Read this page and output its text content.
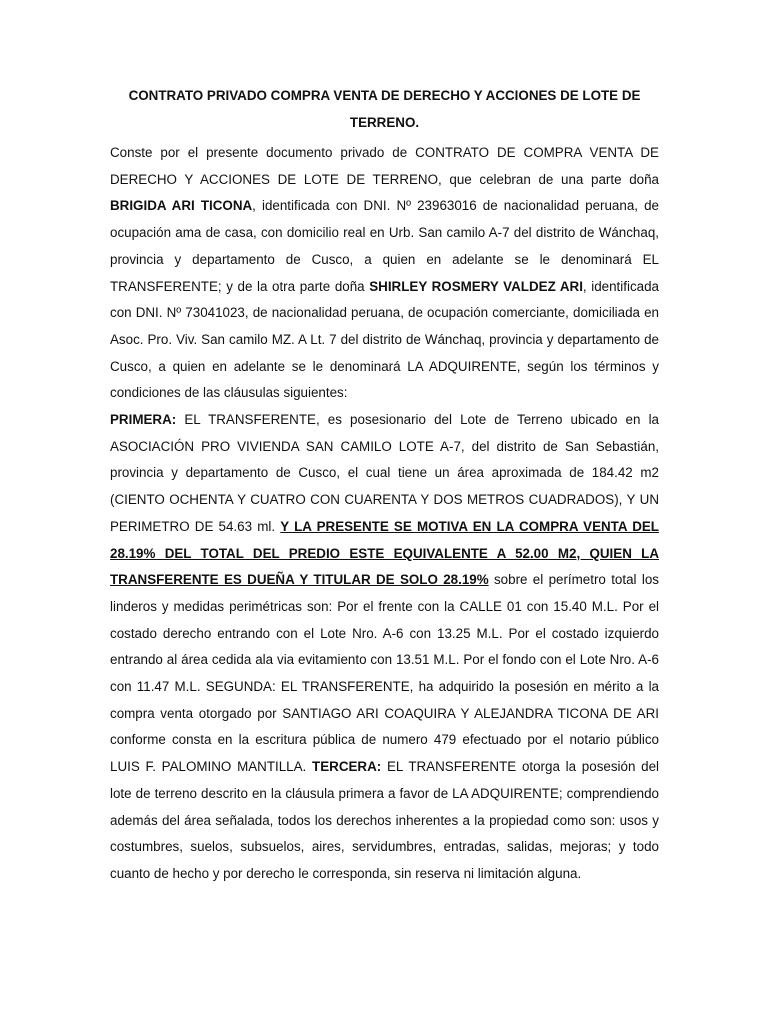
CONTRATO PRIVADO COMPRA VENTA DE DERECHO Y ACCIONES DE LOTE DE
TERRENO.

Conste por el presente documento privado de CONTRATO DE COMPRA VENTA DE DERECHO Y ACCIONES DE LOTE DE TERRENO, que celebran de una parte doña BRIGIDA ARI TICONA, identificada con DNI. Nº 23963016 de nacionalidad peruana, de ocupación ama de casa, con domicilio real en Urb. San camilo A-7 del distrito de Wánchaq, provincia y departamento de Cusco, a quien en adelante se le denominará EL TRANSFERENTE; y de la otra parte doña SHIRLEY ROSMERY VALDEZ ARI, identificada con DNI. Nº 73041023, de nacionalidad peruana, de ocupación comerciante, domiciliada en Asoc. Pro. Viv. San camilo MZ. A Lt. 7 del distrito de Wánchaq, provincia y departamento de Cusco, a quien en adelante se le denominará LA ADQUIRENTE, según los términos y condiciones de las cláusulas siguientes:

PRIMERA: EL TRANSFERENTE, es posesionario del Lote de Terreno ubicado en la ASOCIACIÓN PRO VIVIENDA SAN CAMILO LOTE A-7, del distrito de San Sebastián, provincia y departamento de Cusco, el cual tiene un área aproximada de 184.42 m2 (CIENTO OCHENTA Y CUATRO CON CUARENTA Y DOS METROS CUADRADOS), Y UN PERIMETRO DE 54.63 ml. Y LA PRESENTE SE MOTIVA EN LA COMPRA VENTA DEL 28.19% DEL TOTAL DEL PREDIO ESTE EQUIVALENTE A 52.00 M2, QUIEN LA TRANSFERENTE ES DUEÑA Y TITULAR DE SOLO 28.19% sobre el perímetro total los linderos y medidas perimétricas son: Por el frente con la CALLE 01 con 15.40 M.L. Por el costado derecho entrando con el Lote Nro. A-6 con 13.25 M.L. Por el costado izquierdo entrando al área cedida ala via evitamiento con 13.51 M.L. Por el fondo con el Lote Nro. A-6 con 11.47 M.L. SEGUNDA: EL TRANSFERENTE, ha adquirido la posesión en mérito a la compra venta otorgado por SANTIAGO ARI COAQUIRA Y ALEJANDRA TICONA DE ARI conforme consta en la escritura pública de numero 479 efectuado por el notario público LUIS F. PALOMINO MANTILLA. TERCERA: EL TRANSFERENTE otorga la posesión del lote de terreno descrito en la cláusula primera a favor de LA ADQUIRENTE; comprendiendo además del área señalada, todos los derechos inherentes a la propiedad como son: usos y costumbres, suelos, subsuelos, aires, servidumbres, entradas, salidas, mejoras; y todo cuanto de hecho y por derecho le corresponda, sin reserva ni limitación alguna.
